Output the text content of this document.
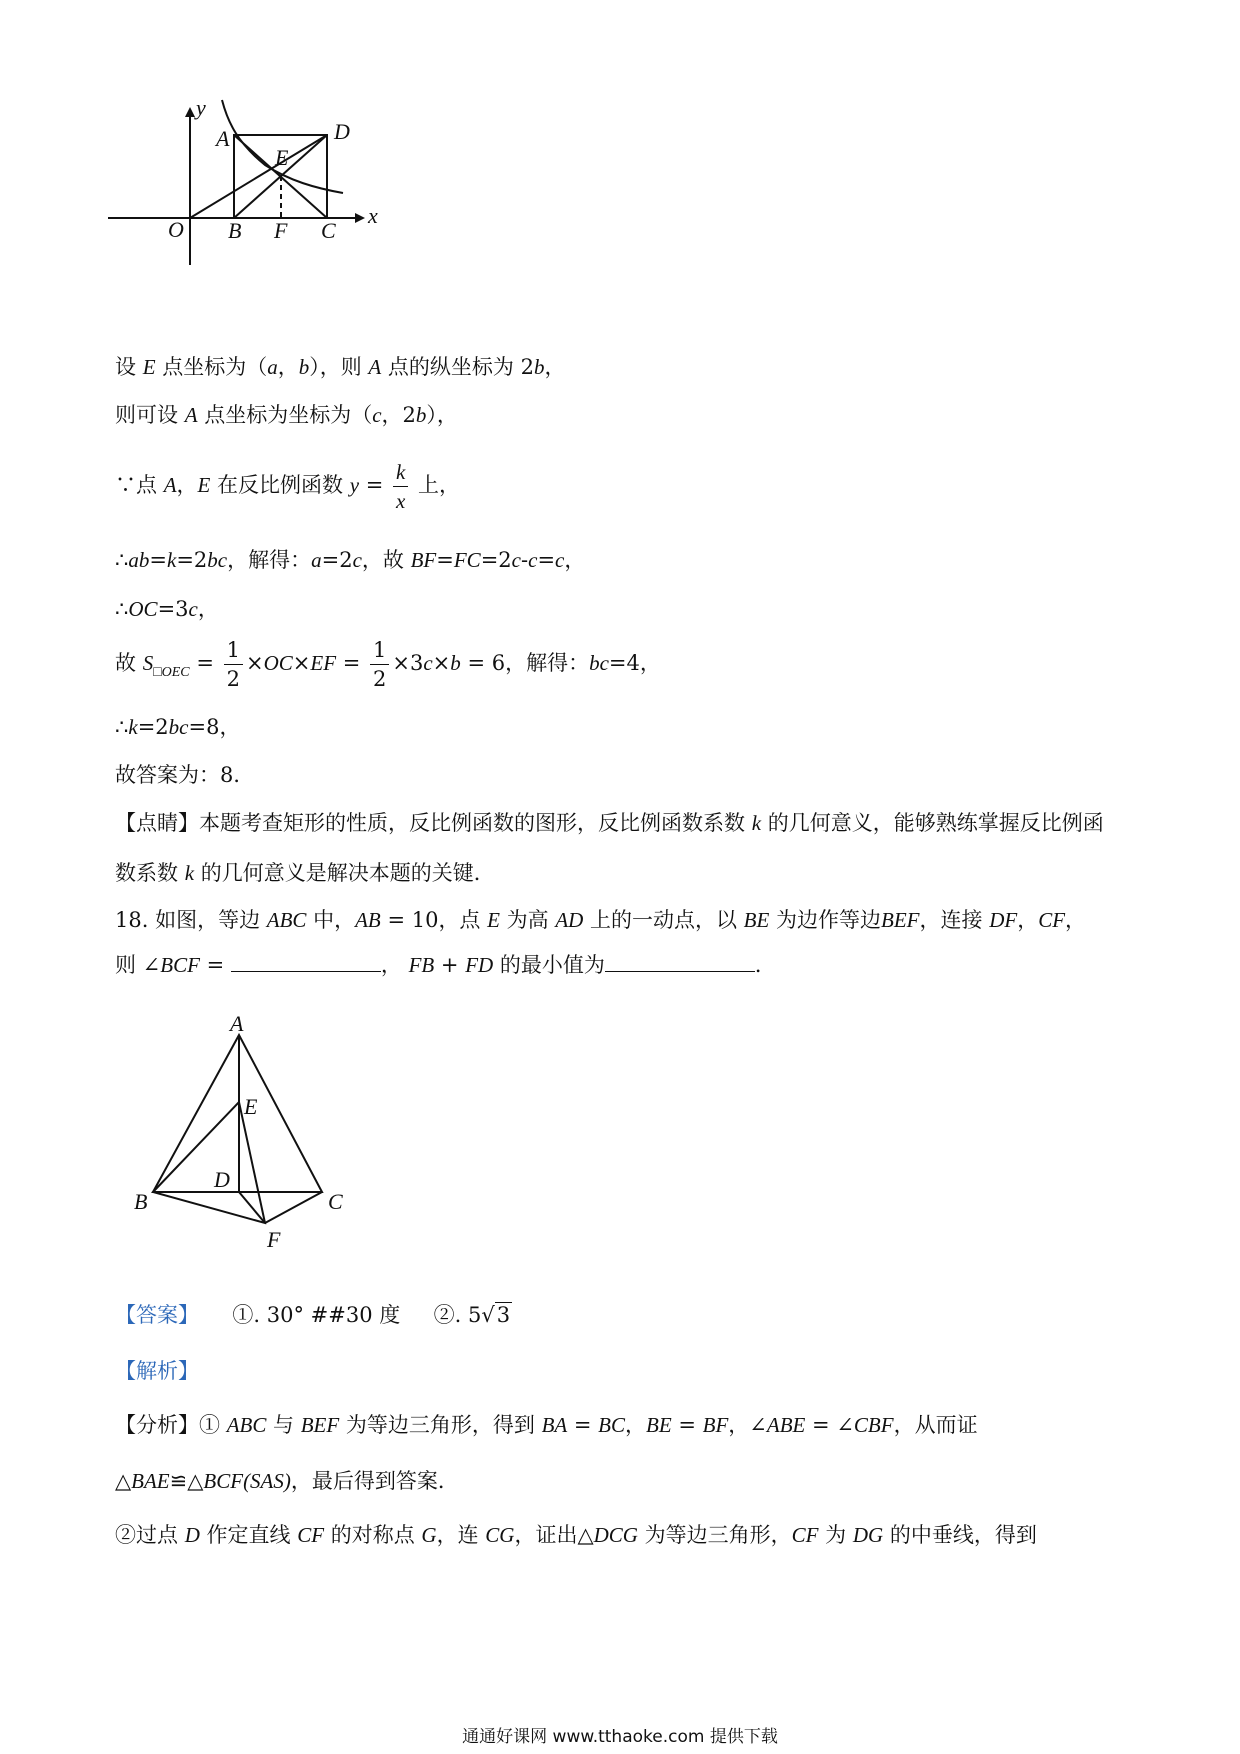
y
x
O
A
B	C
D
E
F
设 E 点坐标为（a，b），则 A 点的纵坐标为 2b，
则可设 A 点坐标为坐标为（c，2b），
∵点 A，E 在反比例函数 $y = \frac{k}{x}$ 上，
∴ab=k=2bc，解得：a=2c，故 BF=FC=2c-c=c，
∴OC=3c，
故 $S_{□OEC} = \frac{1}{2} \times OC\times EF = \frac{1}{2} \times 3c\times b = 6$，解得：bc=4，
∴k=2bc=8，
故答案为：8．
【点睛】本题考查矩形的性质，反比例函数的图形，反比例函数系数 k 的几何意义，能够熟练掌握反比例函
数系数 k 的几何意义是解决本题的关键．
18. 如图，等边 ABC 中，AB = 10，点 E 为高 AD 上的一动点，以 BE 为边作等边BEF，连接 DF，CF，
则 ∠BCF =	， FB + FD 的最小值为	．
A
B	C
D
E
F
【答案】 ①. 30° ##30 度 ②. 5√3
【解析】
【分析】① ABC 与 BEF 为等边三角形，得到 BA = BC，BE = BF，∠ABE = ∠CBF，从而证
△BAE≌△BCF(SAS)，最后得到答案．
②过点 D 作定直线 CF 的对称点 G，连 CG，证出△DCG 为等边三角形，CF 为 DG 的中垂线，得到
通通好课网 www.tthaoke.com 提供下载
